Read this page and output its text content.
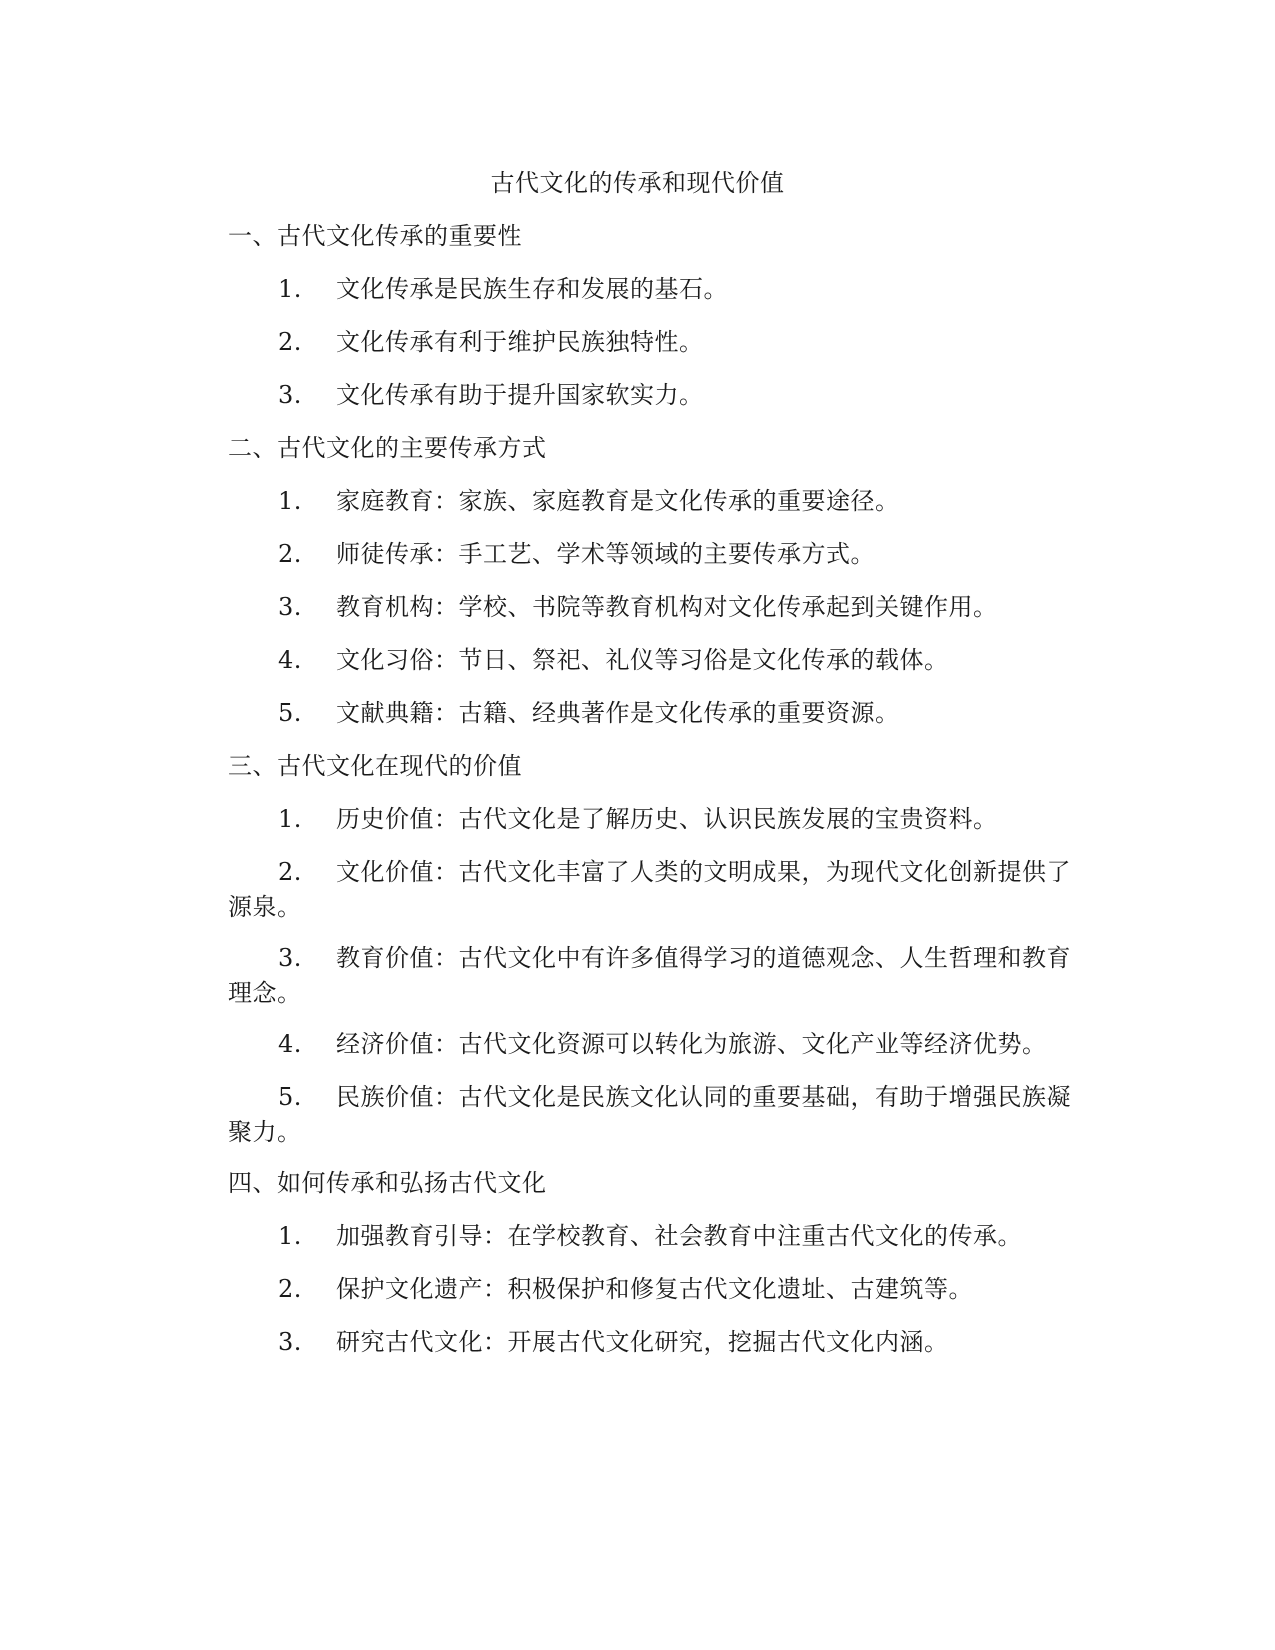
古代文化的传承和现代价值
一、古代文化传承的重要性
1. 文化传承是民族生存和发展的基石。
2. 文化传承有利于维护民族独特性。
3. 文化传承有助于提升国家软实力。
二、古代文化的主要传承方式
1. 家庭教育：家族、家庭教育是文化传承的重要途径。
2. 师徒传承：手工艺、学术等领域的主要传承方式。
3. 教育机构：学校、书院等教育机构对文化传承起到关键作用。
4. 文化习俗：节日、祭祀、礼仪等习俗是文化传承的载体。
5. 文献典籍：古籍、经典著作是文化传承的重要资源。
三、古代文化在现代的价值
1. 历史价值：古代文化是了解历史、认识民族发展的宝贵资料。
2. 文化价值：古代文化丰富了人类的文明成果，为现代文化创新提供了源泉。
3. 教育价值：古代文化中有许多值得学习的道德观念、人生哲理和教育理念。
4. 经济价值：古代文化资源可以转化为旅游、文化产业等经济优势。
5. 民族价值：古代文化是民族文化认同的重要基础，有助于增强民族凝聚力。
四、如何传承和弘扬古代文化
1. 加强教育引导：在学校教育、社会教育中注重古代文化的传承。
2. 保护文化遗产：积极保护和修复古代文化遗址、古建筑等。
3. 研究古代文化：开展古代文化研究，挖掘古代文化内涵。
